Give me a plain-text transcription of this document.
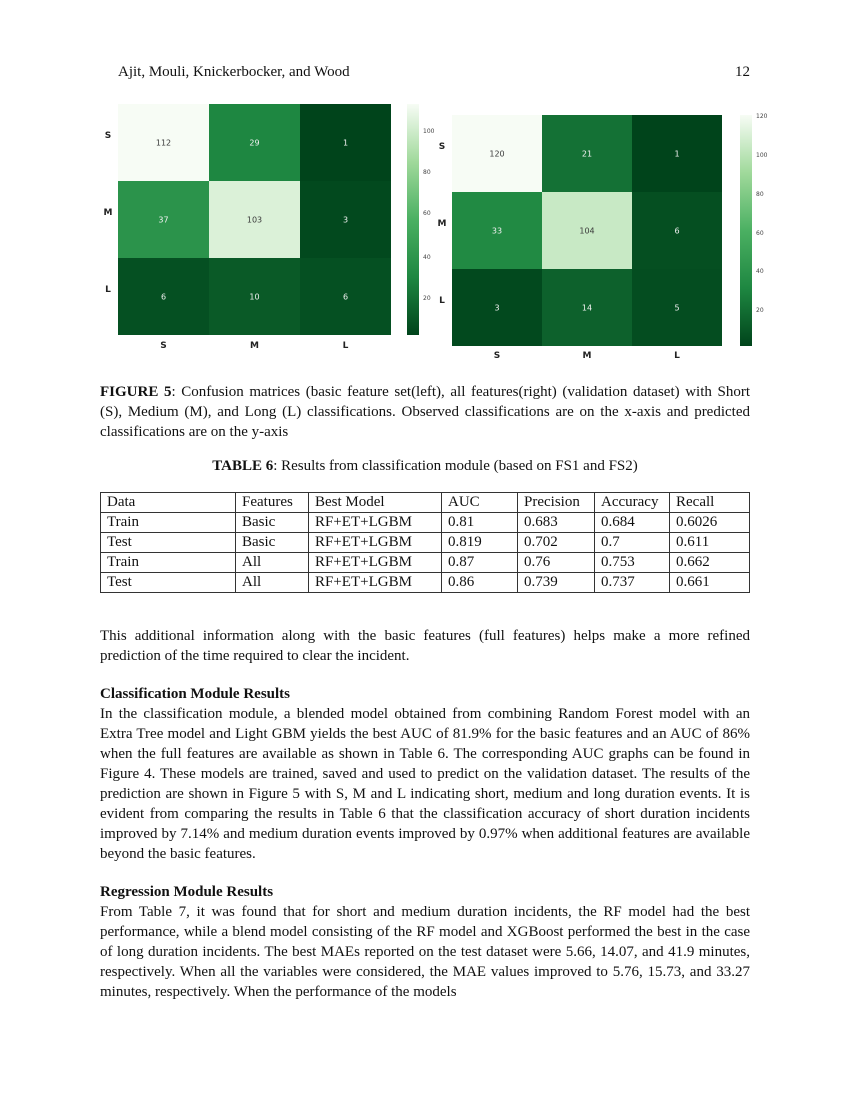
Ajit, Mouli, Knickerbocker, and Wood	12
112	29	1
37	103	3
6	10	6
S
M
L
S	M	L
100
80
60
40
20
120	21	1
33	104	6
3	14	5
S
M
L
S	M	L
120
100
80
60
40
20
FIGURE 5: Confusion matrices (basic feature set(left), all features(right) (validation dataset) with Short (S), Medium (M), and Long (L) classifications. Observed classifications are on the x-axis and predicted classifications are on the y-axis
TABLE 6: Results from classification module (based on FS1 and FS2)
Data	Features	Best Model	AUC	Precision	Accuracy	Recall
Train	Basic	RF+ET+LGBM	0.81	0.683	0.684	0.6026
Test	Basic	RF+ET+LGBM	0.819	0.702	0.7	0.611
Train	All	RF+ET+LGBM	0.87	0.76	0.753	0.662
Test	All	RF+ET+LGBM	0.86	0.739	0.737	0.661

This additional information along with the basic features (full features) helps make a more refined prediction of the time required to clear the incident.

Classification Module Results

In the classification module, a blended model obtained from combining Random Forest model with an Extra Tree model and Light GBM yields the best AUC of 81.9% for the basic features and an AUC of 86% when the full features are available as shown in Table 6. The corresponding AUC graphs can be found in Figure 4. These models are trained, saved and used to predict on the validation dataset. The results of the prediction are shown in Figure 5 with S, M and L indicating short, medium and long duration events. It is evident from comparing the results in Table 6 that the classification accuracy of short duration incidents improved by 7.14% and medium duration events improved by 0.97% when additional features are available beyond the basic features.

Regression Module Results

From Table 7, it was found that for short and medium duration incidents, the RF model had the best performance, while a blend model consisting of the RF model and XGBoost performed the best in the case of long duration incidents. The best MAEs reported on the test dataset were 5.66, 14.07, and 41.9 minutes, respectively. When all the variables were considered, the MAE values improved to 5.76, 15.73, and 33.27 minutes, respectively. When the performance of the models
